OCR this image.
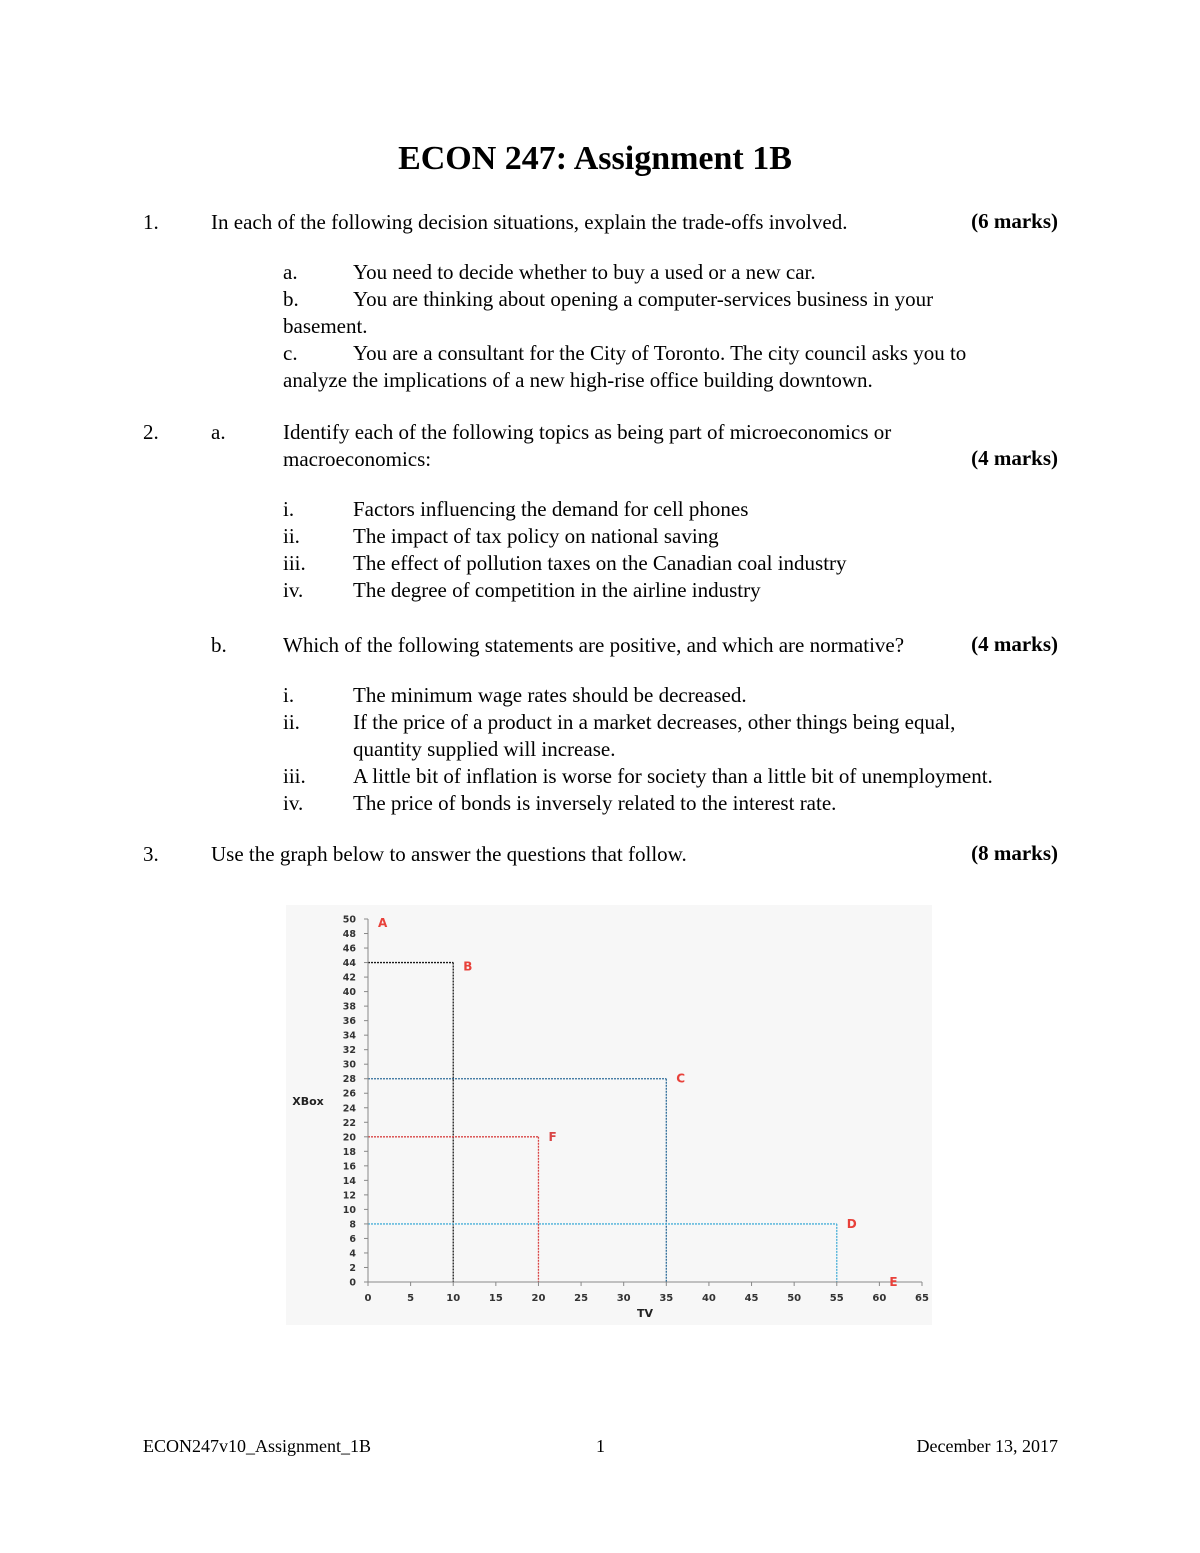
ECON 247: Assignment 1B
1. In each of the following decision situations, explain the trade-offs involved.	(6 marks)
a.	You need to decide whether to buy a used or a new car.
b.	You are thinking about opening a computer-services business in your
basement.
c.	You are a consultant for the City of Toronto. The city council asks you to
analyze the implications of a new high-rise office building downtown.
2. a.	Identify each of the following topics as being part of microeconomics or
macroeconomics:	(4 marks)
i.	Factors influencing the demand for cell phones
ii.	The impact of tax policy on national saving
iii. The effect of pollution taxes on the Canadian coal industry
iv. The degree of competition in the airline industry
b.	Which of the following statements are positive, and which are normative?	(4 marks)
i.	The minimum wage rates should be decreased.
ii.	If the price of a product in a market decreases, other things being equal,
quantity supplied will increase.
iii. A little bit of inflation is worse for society than a little bit of unemployment.
iv. The price of bonds is inversely related to the interest rate.
3. Use the graph below to answer the questions that follow.	(8 marks)
0	5	10	15	20	25	30	35	40	45	50	55	60	65
0
2
4
6
8
10
12
14
16
18
20
22
24
26
28
30
32
34
36
38
40
42
44
46
48
50 A
B
C
F
D
E
TV
XBox
ECON247v10_Assignment_1B	1	December 13, 2017
